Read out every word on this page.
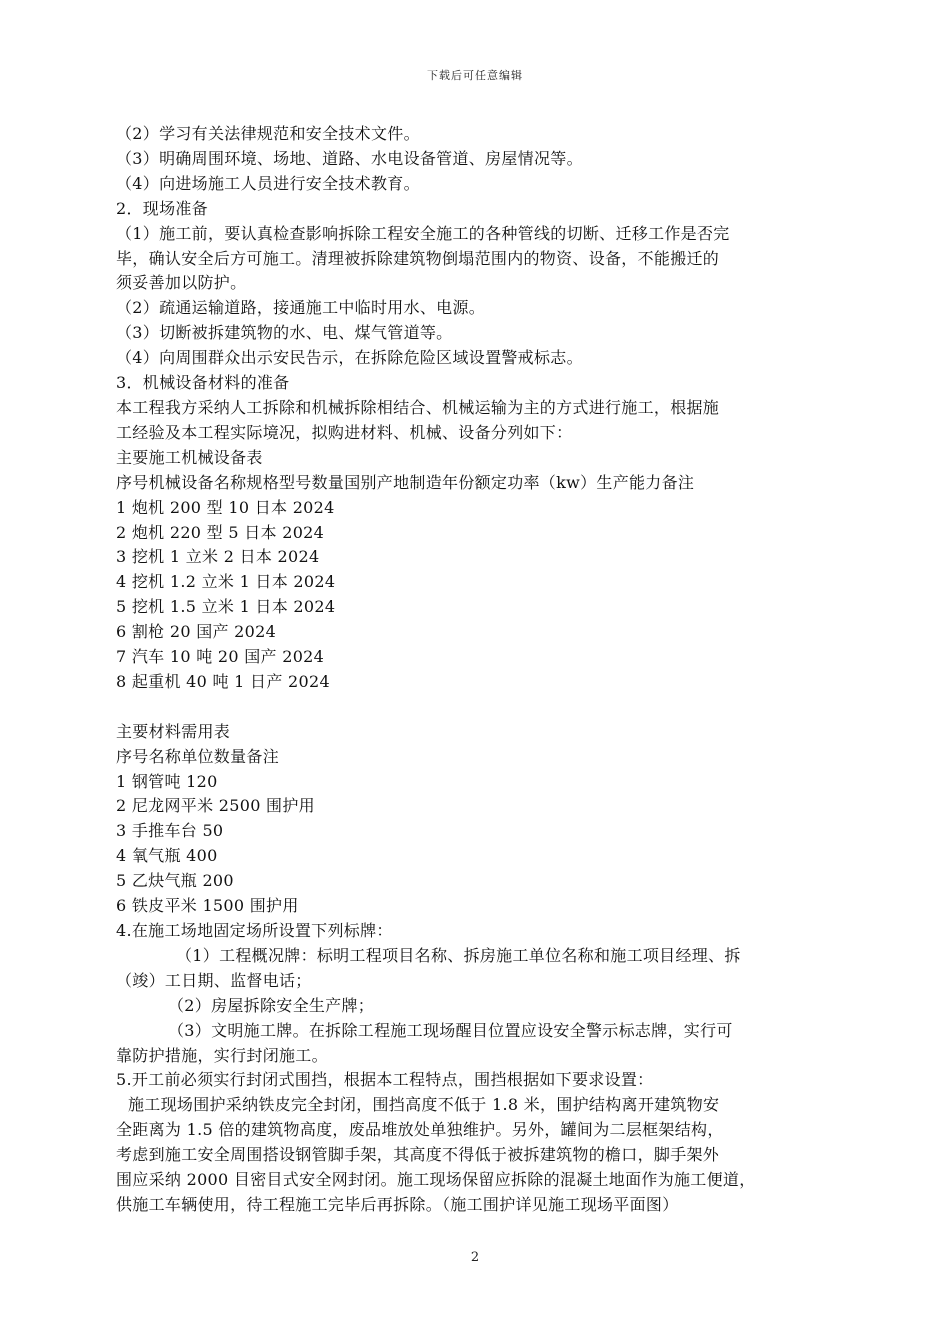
下载后可任意编辑
（2）学习有关法律规范和安全技术文件。
（3）明确周围环境、场地、道路、水电设备管道、房屋情况等。
（4）向进场施工人员进行安全技术教育。
2．现场准备
（1）施工前，要认真检查影响拆除工程安全施工的各种管线的切断、迁移工作是否完
毕，确认安全后方可施工。清理被拆除建筑物倒塌范围内的物资、设备，不能搬迁的
须妥善加以防护。
（2）疏通运输道路，接通施工中临时用水、电源。
（3）切断被拆建筑物的水、电、煤气管道等。
（4）向周围群众出示安民告示，在拆除危险区域设置警戒标志。
3．机械设备材料的准备
本工程我方采纳人工拆除和机械拆除相结合、机械运输为主的方式进行施工，根据施
工经验及本工程实际境况，拟购进材料、机械、设备分列如下：
主要施工机械设备表
序号机械设备名称规格型号数量国别产地制造年份额定功率（kw）生产能力备注
1 炮机 200 型 10 日本 2024
2 炮机 220 型 5 日本 2024
3 挖机 1 立米 2 日本 2024
4 挖机 1.2 立米 1 日本 2024
5 挖机 1.5 立米 1 日本 2024
6 割枪 20 国产 2024
7 汽车 10 吨 20 国产 2024
8 起重机 40 吨 1 日产 2024
主要材料需用表
序号名称单位数量备注
1 钢管吨 120
2 尼龙网平米 2500 围护用
3 手推车台 50
4 氧气瓶 400
5 乙炔气瓶 200
6 铁皮平米 1500 围护用
4.在施工场地固定场所设置下列标牌：
（1）工程概况牌：标明工程项目名称、拆房施工单位名称和施工项目经理、拆
（竣）工日期、监督电话；
（2）房屋拆除安全生产牌；
（3）文明施工牌。在拆除工程施工现场醒目位置应设安全警示标志牌，实行可
靠防护措施，实行封闭施工。
5.开工前必须实行封闭式围挡，根据本工程特点，围挡根据如下要求设置：
施工现场围护采纳铁皮完全封闭，围挡高度不低于 1.8 米，围护结构离开建筑物安
全距离为 1.5 倍的建筑物高度，废品堆放处单独维护。另外，罐间为二层框架结构，
考虑到施工安全周围搭设钢管脚手架，其高度不得低于被拆建筑物的檐口，脚手架外
围应采纳 2000 目密目式安全网封闭。施工现场保留应拆除的混凝土地面作为施工便道，
供施工车辆使用，待工程施工完毕后再拆除。（施工围护详见施工现场平面图）
2
